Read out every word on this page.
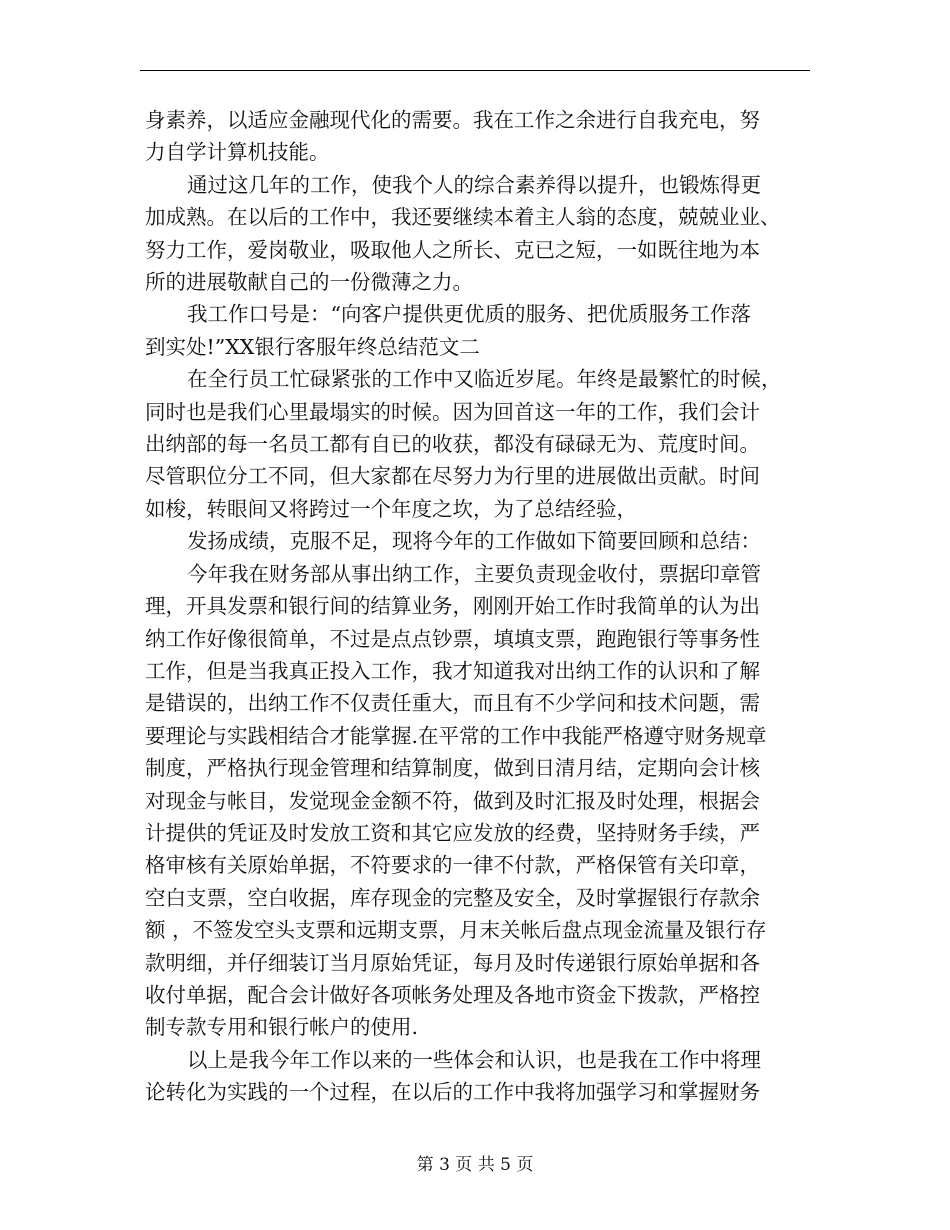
身素养，以适应金融现代化的需要。我在工作之余进行自我充电，努
力自学计算机技能。
通过这几年的工作，使我个人的综合素养得以提升，也锻炼得更
加成熟。在以后的工作中，我还要继续本着主人翁的态度，兢兢业业、
努力工作，爱岗敬业，吸取他人之所长、克已之短，一如既往地为本
所的进展敬献自己的一份微薄之力。
我工作口号是：“向客户提供更优质的服务、把优质服务工作落
到实处!”XX银行客服年终总结范文二
在全行员工忙碌紧张的工作中又临近岁尾。年终是最繁忙的时候，
同时也是我们心里最塌实的时候。因为回首这一年的工作，我们会计
出纳部的每一名员工都有自已的收获，都没有碌碌无为、荒度时间。
尽管职位分工不同，但大家都在尽努力为行里的进展做出贡献。时间
如梭，转眼间又将跨过一个年度之坎，为了总结经验，
发扬成绩，克服不足，现将今年的工作做如下简要回顾和总结：
今年我在财务部从事出纳工作，主要负责现金收付，票据印章管
理，开具发票和银行间的结算业务，刚刚开始工作时我简单的认为出
纳工作好像很简单，不过是点点钞票，填填支票，跑跑银行等事务性
工作，但是当我真正投入工作，我才知道我对出纳工作的认识和了解
是错误的，出纳工作不仅责任重大，而且有不少学问和技术问题，需
要理论与实践相结合才能掌握.在平常的工作中我能严格遵守财务规章
制度，严格执行现金管理和结算制度，做到日清月结，定期向会计核
对现金与帐目，发觉现金金额不符，做到及时汇报及时处理，根据会
计提供的凭证及时发放工资和其它应发放的经费，坚持财务手续，严
格审核有关原始单据，不符要求的一律不付款，严格保管有关印章，
空白支票，空白收据，库存现金的完整及安全，及时掌握银行存款余
额 ，不签发空头支票和远期支票，月末关帐后盘点现金流量及银行存
款明细，并仔细装订当月原始凭证，每月及时传递银行原始单据和各
收付单据，配合会计做好各项帐务处理及各地市资金下拨款，严格控
制专款专用和银行帐户的使用.
以上是我今年工作以来的一些体会和认识，也是我在工作中将理
论转化为实践的一个过程，在以后的工作中我将加强学习和掌握财务
第 3 页 共 5 页
